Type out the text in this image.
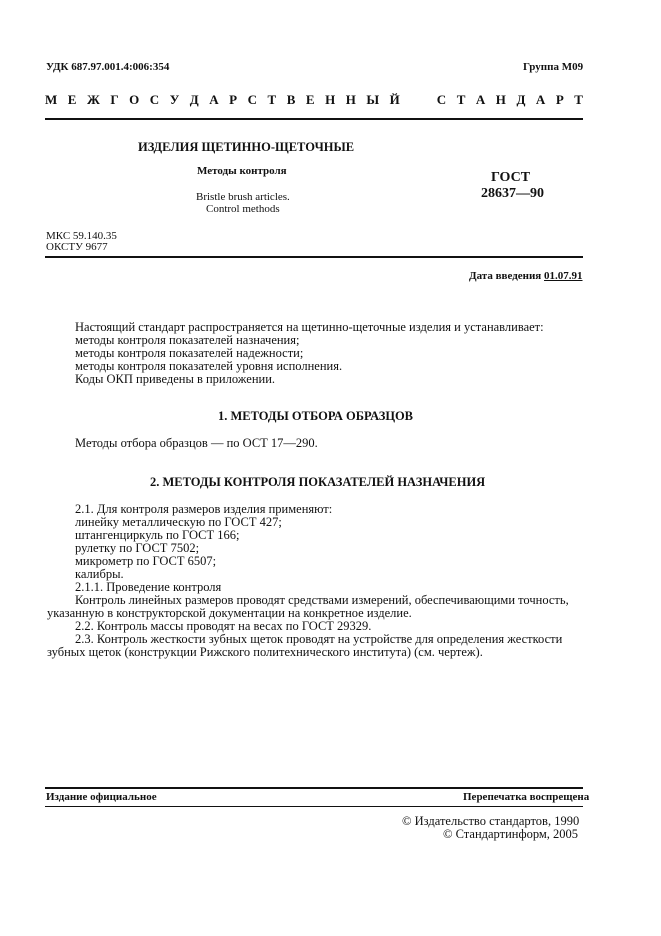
УДК 687.97.001.4:006:354	Группа М09
М Е Ж Г О С У Д А Р С Т В Е Н Н Ы Й	С Т А Н Д А Р Т
ИЗДЕЛИЯ ЩЕТИННО-ЩЕТОЧНЫЕ
Методы контроля
Bristle brush articles.
Control methods
ГОСТ
28637—90
МКС 59.140.35
ОКСТУ 9677
Дата введения 01.07.91
Настоящий стандарт распространяется на щетинно-щеточные изделия и устанавливает:
методы контроля показателей назначения;
методы контроля показателей надежности;
методы контроля показателей уровня исполнения.
Коды ОКП приведены в приложении.
1. МЕТОДЫ ОТБОРА ОБРАЗЦОВ
Методы отбора образцов — по ОСТ 17—290.
2. МЕТОДЫ КОНТРОЛЯ ПОКАЗАТЕЛЕЙ НАЗНАЧЕНИЯ
2.1. Для контроля размеров изделия применяют:
линейку металлическую по ГОСТ 427;
штангенциркуль по ГОСТ 166;
рулетку по ГОСТ 7502;
микрометр по ГОСТ 6507;
калибры.
2.1.1. Проведение контроля
Контроль линейных размеров проводят средствами измерений, обеспечивающими точность,
указанную в конструкторской документации на конкретное изделие.
2.2. Контроль массы проводят на весах по ГОСТ 29329.
2.3. Контроль жесткости зубных щеток проводят на устройстве для определения жесткости
зубных щеток (конструкции Рижского политехнического института) (см. чертеж).
Издание официальное	Перепечатка воспрещена
© Издательство стандартов, 1990
© Стандартинформ, 2005
